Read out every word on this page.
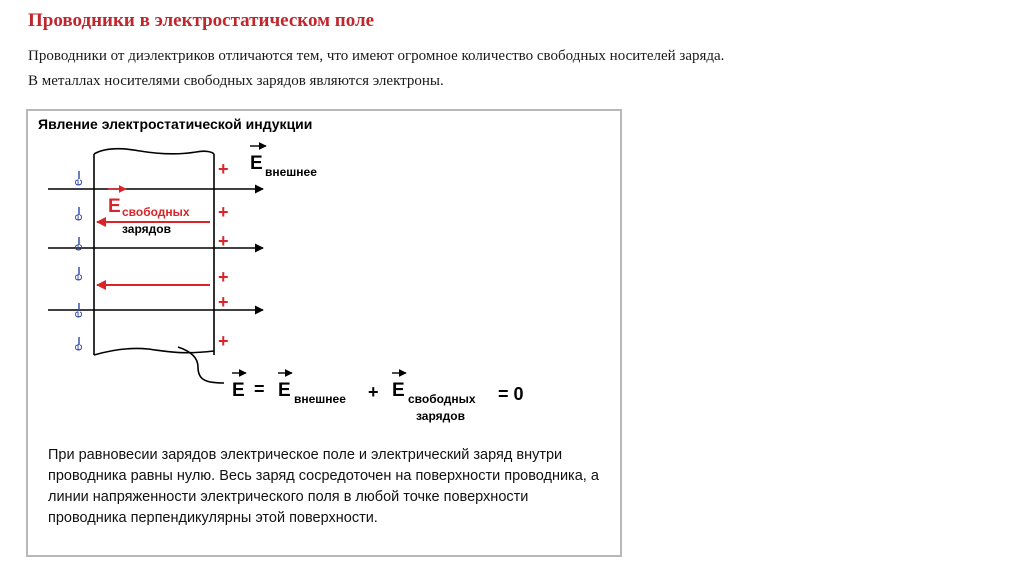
Проводники в электростатическом поле
Проводники от диэлектриков отличаются тем, что имеют огромное количество свободных носителей заряда.
В металлах носителями свободных зарядов являются электроны.
Явление электростатической индукции
e
e
e
e
e
e
+
+
+
+
+
+
E внешнее
E свободных
зарядов
E = E внешнее + E свободных
зарядов
= 0
При равновесии зарядов электрическое поле и электрический заряд внутри проводника равны нулю. Весь заряд сосредоточен на поверхности проводника, а линии напряженности электрического поля в любой точке поверхности проводника перпендикулярны этой поверхности.
